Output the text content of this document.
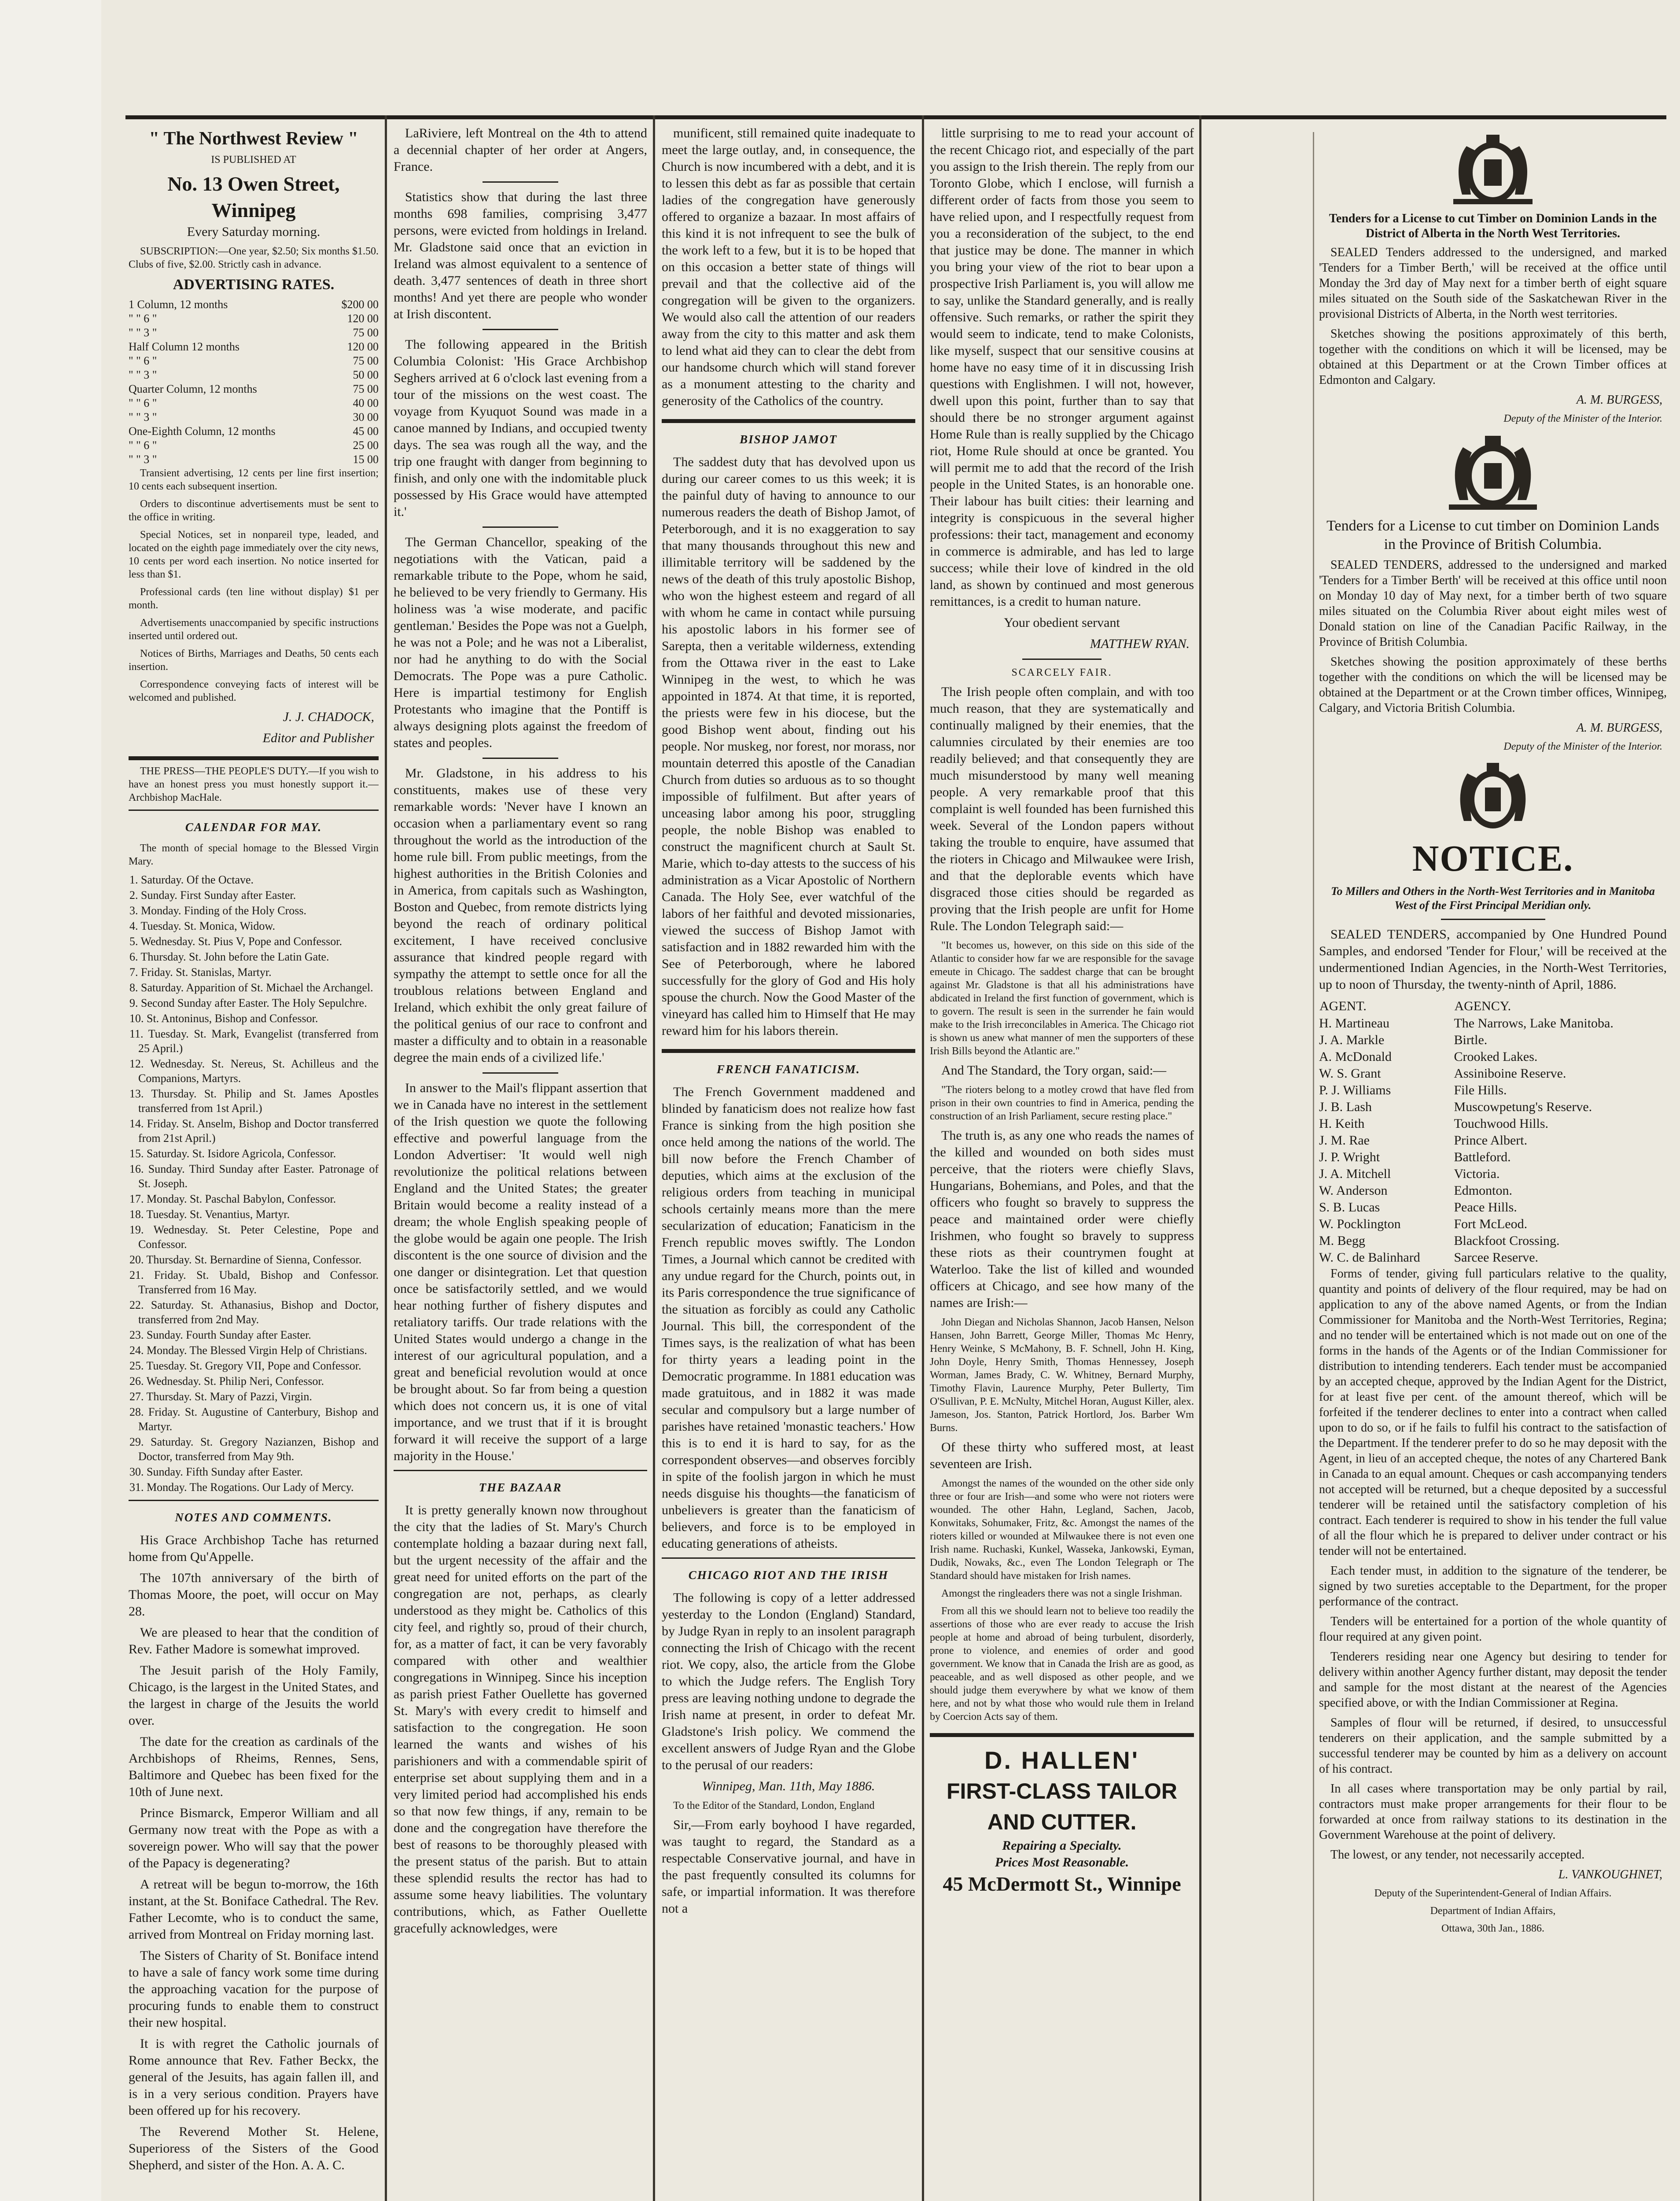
" The Northwest Review "

IS PUBLISHED AT

No. 13 Owen Street, Winnipeg

Every Saturday morning.

SUBSCRIPTION:—One year, $2.50; Six months $1.50. Clubs of five, $2.00. Strictly cash in advance.

ADVERTISING RATES.
1 Column, 12 months	$200 00
" " 6 "	120 00
" " 3 "	75 00
Half Column 12 months	120 00
" " 6 "	75 00
" " 3 "	50 00
Quarter Column, 12 months	75 00
" " 6 "	40 00
" " 3 "	30 00
One-Eighth Column, 12 months	45 00
" " 6 "	25 00
" " 3 "	15 00

Transient advertising, 12 cents per line first insertion; 10 cents each subsequent insertion.

Orders to discontinue advertisements must be sent to the office in writing.

Special Notices, set in nonpareil type, leaded, and located on the eighth page immediately over the city news, 10 cents per word each insertion. No notice inserted for less than $1.

Professional cards (ten line without display) $1 per month.

Advertisements unaccompanied by specific instructions inserted until ordered out.

Notices of Births, Marriages and Deaths, 50 cents each insertion.

Correspondence conveying facts of interest will be welcomed and published.

J. J. CHADOCK,

Editor and Publisher

THE PRESS—THE PEOPLE'S DUTY.—If you wish to have an honest press you must honestly support it.—Archbishop MacHale.

CALENDAR FOR MAY.

The month of special homage to the Blessed Virgin Mary.

1. Saturday. Of the Octave.
2. Sunday. First Sunday after Easter.
3. Monday. Finding of the Holy Cross.
4. Tuesday. St. Monica, Widow.
5. Wednesday. St. Pius V, Pope and Confessor.
6. Thursday. St. John before the Latin Gate.
7. Friday. St. Stanislas, Martyr.
8. Saturday. Apparition of St. Michael the Archangel.
9. Second Sunday after Easter. The Holy Sepulchre.
10. St. Antoninus, Bishop and Confessor.
11. Tuesday. St. Mark, Evangelist (transferred from 25 April.)
12. Wednesday. St. Nereus, St. Achilleus and the Companions, Martyrs.
13. Thursday. St. Philip and St. James Apostles transferred from 1st April.)
14. Friday. St. Anselm, Bishop and Doctor transferred from 21st April.)
15. Saturday. St. Isidore Agricola, Confessor.
16. Sunday. Third Sunday after Easter. Patronage of St. Joseph.
17. Monday. St. Paschal Babylon, Confessor.
18. Tuesday. St. Venantius, Martyr.
19. Wednesday. St. Peter Celestine, Pope and Confessor.
20. Thursday. St. Bernardine of Sienna, Confessor.
21. Friday. St. Ubald, Bishop and Confessor. Transferred from 16 May.
22. Saturday. St. Athanasius, Bishop and Doctor, transferred from 2nd May.
23. Sunday. Fourth Sunday after Easter.
24. Monday. The Blessed Virgin Help of Christians.
25. Tuesday. St. Gregory VII, Pope and Confessor.
26. Wednesday. St. Philip Neri, Confessor.
27. Thursday. St. Mary of Pazzi, Virgin.
28. Friday. St. Augustine of Canterbury, Bishop and Martyr.
29. Saturday. St. Gregory Nazianzen, Bishop and Doctor, transferred from May 9th.
30. Sunday. Fifth Sunday after Easter.
31. Monday. The Rogations. Our Lady of Mercy.
NOTES AND COMMENTS.

His Grace Archbishop Tache has returned home from Qu'Appelle.

The 107th anniversary of the birth of Thomas Moore, the poet, will occur on May 28.

We are pleased to hear that the condition of Rev. Father Madore is somewhat improved.

The Jesuit parish of the Holy Family, Chicago, is the largest in the United States, and the largest in charge of the Jesuits the world over.

The date for the creation as cardinals of the Archbishops of Rheims, Rennes, Sens, Baltimore and Quebec has been fixed for the 10th of June next.

Prince Bismarck, Emperor William and all Germany now treat with the Pope as with a sovereign power. Who will say that the power of the Papacy is degenerating?

A retreat will be begun to-morrow, the 16th instant, at the St. Boniface Cathedral. The Rev. Father Lecomte, who is to conduct the same, arrived from Montreal on Friday morning last.

The Sisters of Charity of St. Boniface intend to have a sale of fancy work some time during the approaching vacation for the purpose of procuring funds to enable them to construct their new hospital.

It is with regret the Catholic journals of Rome announce that Rev. Father Beckx, the general of the Jesuits, has again fallen ill, and is in a very serious condition. Prayers have been offered up for his recovery.

The Reverend Mother St. Helene, Superioress of the Sisters of the Good Shepherd, and sister of the Hon. A. A. C.

LaRiviere, left Montreal on the 4th to attend a decennial chapter of her order at Angers, France.

Statistics show that during the last three months 698 families, comprising 3,477 persons, were evicted from holdings in Ireland. Mr. Gladstone said once that an eviction in Ireland was almost equivalent to a sentence of death. 3,477 sentences of death in three short months! And yet there are people who wonder at Irish discontent.

The following appeared in the British Columbia Colonist: 'His Grace Archbishop Seghers arrived at 6 o'clock last evening from a tour of the missions on the west coast. The voyage from Kyuquot Sound was made in a canoe manned by Indians, and occupied twenty days. The sea was rough all the way, and the trip one fraught with danger from beginning to finish, and only one with the indomitable pluck possessed by His Grace would have attempted it.'

The German Chancellor, speaking of the negotiations with the Vatican, paid a remarkable tribute to the Pope, whom he said, he believed to be very friendly to Germany. His holiness was 'a wise moderate, and pacific gentleman.' Besides the Pope was not a Guelph, he was not a Pole; and he was not a Liberalist, nor had he anything to do with the Social Democrats. The Pope was a pure Catholic. Here is impartial testimony for English Protestants who imagine that the Pontiff is always designing plots against the freedom of states and peoples.

Mr. Gladstone, in his address to his constituents, makes use of these very remarkable words: 'Never have I known an occasion when a parliamentary event so rang throughout the world as the introduction of the home rule bill. From public meetings, from the highest authorities in the British Colonies and in America, from capitals such as Washington, Boston and Quebec, from remote districts lying beyond the reach of ordinary political excitement, I have received conclusive assurance that kindred people regard with sympathy the attempt to settle once for all the troublous relations between England and Ireland, which exhibit the only great failure of the political genius of our race to confront and master a difficulty and to obtain in a reasonable degree the main ends of a civilized life.'

In answer to the Mail's flippant assertion that we in Canada have no interest in the settlement of the Irish question we quote the following effective and powerful language from the London Advertiser: 'It would well nigh revolutionize the political relations between England and the United States; the greater Britain would become a reality instead of a dream; the whole English speaking people of the globe would be again one people. The Irish discontent is the one source of division and the one danger or disintegration. Let that question once be satisfactorily settled, and we would hear nothing further of fishery disputes and retaliatory tariffs. Our trade relations with the United States would undergo a change in the interest of our agricultural population, and a great and beneficial revolution would at once be brought about. So far from being a question which does not concern us, it is one of vital importance, and we trust that if it is brought forward it will receive the support of a large majority in the House.'

THE BAZAAR

It is pretty generally known now throughout the city that the ladies of St. Mary's Church contemplate holding a bazaar during next fall, but the urgent necessity of the affair and the great need for united efforts on the part of the congregation are not, perhaps, as clearly understood as they might be. Catholics of this city feel, and rightly so, proud of their church, for, as a matter of fact, it can be very favorably compared with other and wealthier congregations in Winnipeg. Since his inception as parish priest Father Ouellette has governed St. Mary's with every credit to himself and satisfaction to the congregation. He soon learned the wants and wishes of his parishioners and with a commendable spirit of enterprise set about supplying them and in a very limited period had accomplished his ends so that now few things, if any, remain to be done and the congregation have therefore the best of reasons to be thoroughly pleased with the present status of the parish. But to attain these splendid results the rector has had to assume some heavy liabilities. The voluntary contributions, which, as Father Ouellette gracefully acknowledges, were

munificent, still remained quite inadequate to meet the large outlay, and, in consequence, the Church is now incumbered with a debt, and it is to lessen this debt as far as possible that certain ladies of the congregation have generously offered to organize a bazaar. In most affairs of this kind it is not infrequent to see the bulk of the work left to a few, but it is to be hoped that on this occasion a better state of things will prevail and that the collective aid of the congregation will be given to the organizers. We would also call the attention of our readers away from the city to this matter and ask them to lend what aid they can to clear the debt from our handsome church which will stand forever as a monument attesting to the charity and generosity of the Catholics of the country.

BISHOP JAMOT

The saddest duty that has devolved upon us during our career comes to us this week; it is the painful duty of having to announce to our numerous readers the death of Bishop Jamot, of Peterborough, and it is no exaggeration to say that many thousands throughout this new and illimitable territory will be saddened by the news of the death of this truly apostolic Bishop, who won the highest esteem and regard of all with whom he came in contact while pursuing his apostolic labors in his former see of Sarepta, then a veritable wilderness, extending from the Ottawa river in the east to Lake Winnipeg in the west, to which he was appointed in 1874. At that time, it is reported, the priests were few in his diocese, but the good Bishop went about, finding out his people. Nor muskeg, nor forest, nor morass, nor mountain deterred this apostle of the Canadian Church from duties so arduous as to so thought impossible of fulfilment. But after years of unceasing labor among his poor, struggling people, the noble Bishop was enabled to construct the magnificent church at Sault St. Marie, which to-day attests to the success of his administration as a Vicar Apostolic of Northern Canada. The Holy See, ever watchful of the labors of her faithful and devoted missionaries, viewed the success of Bishop Jamot with satisfaction and in 1882 rewarded him with the See of Peterborough, where he labored successfully for the glory of God and His holy spouse the church. Now the Good Master of the vineyard has called him to Himself that He may reward him for his labors therein.

FRENCH FANATICISM.

The French Government maddened and blinded by fanaticism does not realize how fast France is sinking from the high position she once held among the nations of the world. The bill now before the French Chamber of deputies, which aims at the exclusion of the religious orders from teaching in municipal schools certainly means more than the mere secularization of education; Fanaticism in the French republic moves swiftly. The London Times, a Journal which cannot be credited with any undue regard for the Church, points out, in its Paris correspondence the true significance of the situation as forcibly as could any Catholic Journal. This bill, the correspondent of the Times says, is the realization of what has been for thirty years a leading point in the Democratic programme. In 1881 education was made gratuitous, and in 1882 it was made secular and compulsory but a large number of parishes have retained 'monastic teachers.' How this is to end it is hard to say, for as the correspondent observes—and observes forcibly in spite of the foolish jargon in which he must needs disguise his thoughts—the fanaticism of unbelievers is greater than the fanaticism of believers, and force is to be employed in educating generations of atheists.

CHICAGO RIOT AND THE IRISH

The following is copy of a letter addressed yesterday to the London (England) Standard, by Judge Ryan in reply to an insolent paragraph connecting the Irish of Chicago with the recent riot. We copy, also, the article from the Globe to which the Judge refers. The English Tory press are leaving nothing undone to degrade the Irish name at present, in order to defeat Mr. Gladstone's Irish policy. We commend the excellent answers of Judge Ryan and the Globe to the perusal of our readers:

Winnipeg, Man. 11th, May 1886.

To the Editor of the Standard, London, England

Sir,—From early boyhood I have regarded, was taught to regard, the Standard as a respectable Conservative journal, and have in the past frequently consulted its columns for safe, or impartial information. It was therefore not a

little surprising to me to read your account of the recent Chicago riot, and especially of the part you assign to the Irish therein. The reply from our Toronto Globe, which I enclose, will furnish a different order of facts from those you seem to have relied upon, and I respectfully request from you a reconsideration of the subject, to the end that justice may be done. The manner in which you bring your view of the riot to bear upon a prospective Irish Parliament is, you will allow me to say, unlike the Standard generally, and is really offensive. Such remarks, or rather the spirit they would seem to indicate, tend to make Colonists, like myself, suspect that our sensitive cousins at home have no easy time of it in discussing Irish questions with Englishmen. I will not, however, dwell upon this point, further than to say that should there be no stronger argument against Home Rule than is really supplied by the Chicago riot, Home Rule should at once be granted. You will permit me to add that the record of the Irish people in the United States, is an honorable one. Their labour has built cities: their learning and integrity is conspicuous in the several higher professions: their tact, management and economy in commerce is admirable, and has led to large success; while their love of kindred in the old land, as shown by continued and most generous remittances, is a credit to human nature.

Your obedient servant

MATTHEW RYAN.

SCARCELY FAIR.

The Irish people often complain, and with too much reason, that they are systematically and continually maligned by their enemies, that the calumnies circulated by their enemies are too readily believed; and that consequently they are much misunderstood by many well meaning people. A very remarkable proof that this complaint is well founded has been furnished this week. Several of the London papers without taking the trouble to enquire, have assumed that the rioters in Chicago and Milwaukee were Irish, and that the deplorable events which have disgraced those cities should be regarded as proving that the Irish people are unfit for Home Rule. The London Telegraph said:—

"It becomes us, however, on this side on this side of the Atlantic to consider how far we are responsible for the savage emeute in Chicago. The saddest charge that can be brought against Mr. Gladstone is that all his administrations have abdicated in Ireland the first function of government, which is to govern. The result is seen in the surrender he fain would make to the Irish irreconcilables in America. The Chicago riot is shown us anew what manner of men the supporters of these Irish Bills beyond the Atlantic are."

And The Standard, the Tory organ, said:—

"The rioters belong to a motley crowd that have fled from prison in their own countries to find in America, pending the construction of an Irish Parliament, secure resting place."

The truth is, as any one who reads the names of the killed and wounded on both sides must perceive, that the rioters were chiefly Slavs, Hungarians, Bohemians, and Poles, and that the officers who fought so bravely to suppress the peace and maintained order were chiefly Irishmen, who fought so bravely to suppress these riots as their countrymen fought at Waterloo. Take the list of killed and wounded officers at Chicago, and see how many of the names are Irish:—

John Diegan and Nicholas Shannon, Jacob Hansen, Nelson Hansen, John Barrett, George Miller, Thomas Mc Henry, Henry Weinke, S McMahony, B. F. Schnell, John H. King, John Doyle, Henry Smith, Thomas Hennessey, Joseph Worman, James Brady, C. W. Whitney, Bernard Murphy, Timothy Flavin, Laurence Murphy, Peter Bullerty, Tim O'Sullivan, P. E. McNulty, Mitchel Horan, August Killer, alex. Jameson, Jos. Stanton, Patrick Hortlord, Jos. Barber Wm Burns.

Of these thirty who suffered most, at least seventeen are Irish.

Amongst the names of the wounded on the other side only three or four are Irish—and some who were not rioters were wounded. The other Hahn, Legland, Sachen, Jacob, Konwitaks, Sohumaker, Fritz, &c. Amongst the names of the rioters killed or wounded at Milwaukee there is not even one Irish name. Ruchaski, Kunkel, Wasseka, Jankowski, Eyman, Dudik, Nowaks, &c., even The London Telegraph or The Standard should have mistaken for Irish names.

Amongst the ringleaders there was not a single Irishman.

From all this we should learn not to believe too readily the assertions of those who are ever ready to accuse the Irish people at home and abroad of being turbulent, disorderly, prone to violence, and enemies of order and good government. We know that in Canada the Irish are as good, as peaceable, and as well disposed as other people, and we should judge them everywhere by what we know of them here, and not by what those who would rule them in Ireland by Coercion Acts say of them.

D. HALLEN'
FIRST-CLASS TAILOR AND CUTTER.
Repairing a Specialty.
Prices Most Reasonable.
45 McDermott St., Winnipe
Tenders for a License to cut Timber on Dominion Lands in the District of Alberta in the North West Territories.

SEALED Tenders addressed to the undersigned, and marked 'Tenders for a Timber Berth,' will be received at the office until Monday the 3rd day of May next for a timber berth of eight square miles situated on the South side of the Saskatchewan River in the provisional Districts of Alberta, in the North west territories.

Sketches showing the positions approximately of this berth, together with the conditions on which it will be licensed, may be obtained at this Department or at the Crown Timber offices at Edmonton and Calgary.

A. M. BURGESS,

Deputy of the Minister of the Interior.

Tenders for a License to cut timber on Dominion Lands in the Province of British Columbia.

SEALED TENDERS, addressed to the undersigned and marked 'Tenders for a Timber Berth' will be received at this office until noon on Monday 10 day of May next, for a timber berth of two square miles situated on the Columbia River about eight miles west of Donald station on line of the Canadian Pacific Railway, in the Province of British Columbia.

Sketches showing the position approximately of these berths together with the conditions on which the will be licensed may be obtained at the Department or at the Crown timber offices, Winnipeg, Calgary, and Victoria British Columbia.

A. M. BURGESS,

Deputy of the Minister of the Interior.

NOTICE.
To Millers and Others in the North-West Territories and in Manitoba West of the First Principal Meridian only.

SEALED TENDERS, accompanied by One Hundred Pound Samples, and endorsed 'Tender for Flour,' will be received at the undermentioned Indian Agencies, in the North-West Territories, up to noon of Thursday, the twenty-ninth of April, 1886.

AGENT.	AGENCY.
H. Martineau	The Narrows, Lake Manitoba.
J. A. Markle	Birtle.
A. McDonald	Crooked Lakes.
W. S. Grant	Assiniboine Reserve.
P. J. Williams	File Hills.
J. B. Lash	Muscowpetung's Reserve.
H. Keith	Touchwood Hills.
J. M. Rae	Prince Albert.
J. P. Wright	Battleford.
J. A. Mitchell	Victoria.
W. Anderson	Edmonton.
S. B. Lucas	Peace Hills.
W. Pocklington	Fort McLeod.
M. Begg	Blackfoot Crossing.
W. C. de Balinhard	Sarcee Reserve.

Forms of tender, giving full particulars relative to the quality, quantity and points of delivery of the flour required, may be had on application to any of the above named Agents, or from the Indian Commissioner for Manitoba and the North-West Territories, Regina; and no tender will be entertained which is not made out on one of the forms in the hands of the Agents or of the Indian Commissioner for distribution to intending tenderers. Each tender must be accompanied by an accepted cheque, approved by the Indian Agent for the District, for at least five per cent. of the amount thereof, which will be forfeited if the tenderer declines to enter into a contract when called upon to do so, or if he fails to fulfil his contract to the satisfaction of the Department. If the tenderer prefer to do so he may deposit with the Agent, in lieu of an accepted cheque, the notes of any Chartered Bank in Canada to an equal amount. Cheques or cash accompanying tenders not accepted will be returned, but a cheque deposited by a successful tenderer will be retained until the satisfactory completion of his contract. Each tenderer is required to show in his tender the full value of all the flour which he is prepared to deliver under contract or his tender will not be entertained.

Each tender must, in addition to the signature of the tenderer, be signed by two sureties acceptable to the Department, for the proper performance of the contract.

Tenders will be entertained for a portion of the whole quantity of flour required at any given point.

Tenderers residing near one Agency but desiring to tender for delivery within another Agency further distant, may deposit the tender and sample for the most distant at the nearest of the Agencies specified above, or with the Indian Commissioner at Regina.

Samples of flour will be returned, if desired, to unsuccessful tenderers on their application, and the sample submitted by a successful tenderer may be counted by him as a delivery on account of his contract.

In all cases where transportation may be only partial by rail, contractors must make proper arrangements for their flour to be forwarded at once from railway stations to its destination in the Government Warehouse at the point of delivery.

The lowest, or any tender, not necessarily accepted.

L. VANKOUGHNET,

Deputy of the Superintendent-General of Indian Affairs.

Department of Indian Affairs,

Ottawa, 30th Jan., 1886.
